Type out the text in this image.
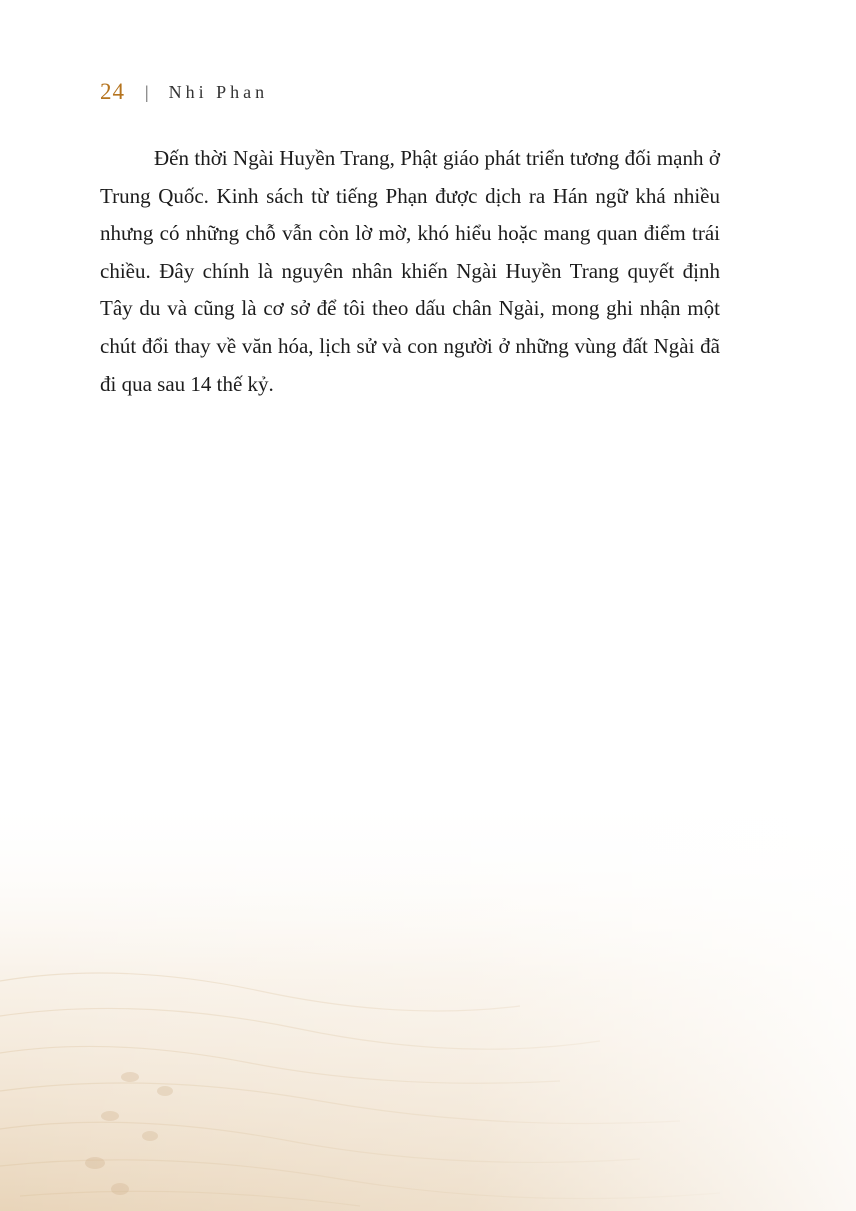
24 | Nhi Phan

Đến thời Ngài Huyền Trang, Phật giáo phát triển tương đối mạnh ở Trung Quốc. Kinh sách từ tiếng Phạn được dịch ra Hán ngữ khá nhiều nhưng có những chỗ vẫn còn lờ mờ, khó hiểu hoặc mang quan điểm trái chiều. Đây chính là nguyên nhân khiến Ngài Huyền Trang quyết định Tây du và cũng là cơ sở để tôi theo dấu chân Ngài, mong ghi nhận một chút đổi thay về văn hóa, lịch sử và con người ở những vùng đất Ngài đã đi qua sau 14 thế kỷ.
